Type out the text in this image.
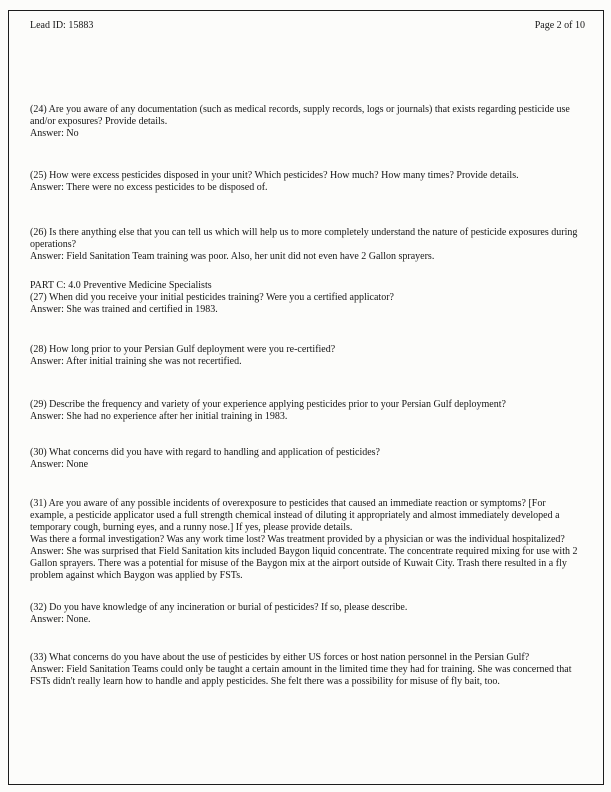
Lead ID: 15883	Page 2 of 10

(24) Are you aware of any documentation (such as medical records, supply records, logs or journals) that exists regarding pesticide use and/or exposures? Provide details.

Answer: No

(25) How were excess pesticides disposed in your unit? Which pesticides? How much? How many times? Provide details.

Answer: There were no excess pesticides to be disposed of.

(26) Is there anything else that you can tell us which will help us to more completely understand the nature of pesticide exposures during operations?

Answer: Field Sanitation Team training was poor. Also, her unit did not even have 2 Gallon sprayers.

PART C: 4.0 Preventive Medicine Specialists

(27) When did you receive your initial pesticides training? Were you a certified applicator?

Answer: She was trained and certified in 1983.

(28) How long prior to your Persian Gulf deployment were you re-certified?

Answer: After initial training she was not recertified.

(29) Describe the frequency and variety of your experience applying pesticides prior to your Persian Gulf deployment?

Answer: She had no experience after her initial training in 1983.

(30) What concerns did you have with regard to handling and application of pesticides?

Answer: None

(31) Are you aware of any possible incidents of overexposure to pesticides that caused an immediate reaction or symptoms? [For example, a pesticide applicator used a full strength chemical instead of diluting it appropriately and almost immediately developed a temporary cough, burning eyes, and a runny nose.] If yes, please provide details.

Was there a formal investigation? Was any work time lost? Was treatment provided by a physician or was the individual hospitalized?

Answer: She was surprised that Field Sanitation kits included Baygon liquid concentrate. The concentrate required mixing for use with 2 Gallon sprayers. There was a potential for misuse of the Baygon mix at the airport outside of Kuwait City. Trash there resulted in a fly problem against which Baygon was applied by FSTs.

(32) Do you have knowledge of any incineration or burial of pesticides? If so, please describe.

Answer: None.

(33) What concerns do you have about the use of pesticides by either US forces or host nation personnel in the Persian Gulf?

Answer: Field Sanitation Teams could only be taught a certain amount in the limited time they had for training. She was concerned that FSTs didn't really learn how to handle and apply pesticides. She felt there was a possibility for misuse of fly bait, too.
